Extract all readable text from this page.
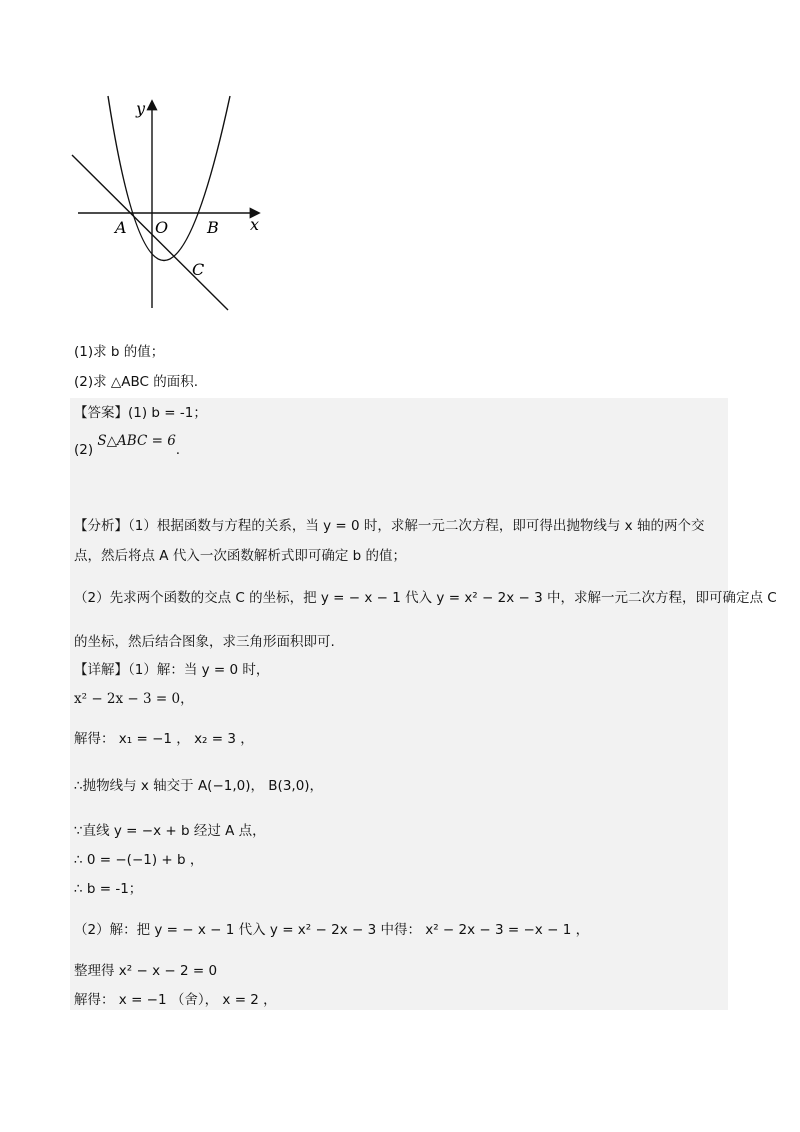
y
x
A O B
C
(1)求 b 的值；
(2)求 △ABC 的面积.
【答案】(1) b = -1；
(2) S△ABC = 6.
【分析】（1）根据函数与方程的关系，当 y = 0 时，求解一元二次方程，即可得出抛物线与 x 轴的两个交
点，然后将点 A 代入一次函数解析式即可确定 b 的值；
（2）先求两个函数的交点 C 的坐标，把 y = − x − 1 代入 y = x² − 2x − 3 中，求解一元二次方程，即可确定点 C
的坐标，然后结合图象，求三角形面积即可.
【详解】（1）解：当 y = 0 时，
x² − 2x − 3 = 0，
解得： x₁ = −1 ， x₂ = 3 ，
∴抛物线与 x 轴交于 A(−1,0)， B(3,0)，
∵直线 y = −x + b 经过 A 点，
∴ 0 = −(−1) + b ，
∴ b = -1；
（2）解：把 y = − x − 1 代入 y = x² − 2x − 3 中得： x² − 2x − 3 = −x − 1 ，
整理得 x² − x − 2 = 0
解得： x = −1 （舍）， x = 2 ，
